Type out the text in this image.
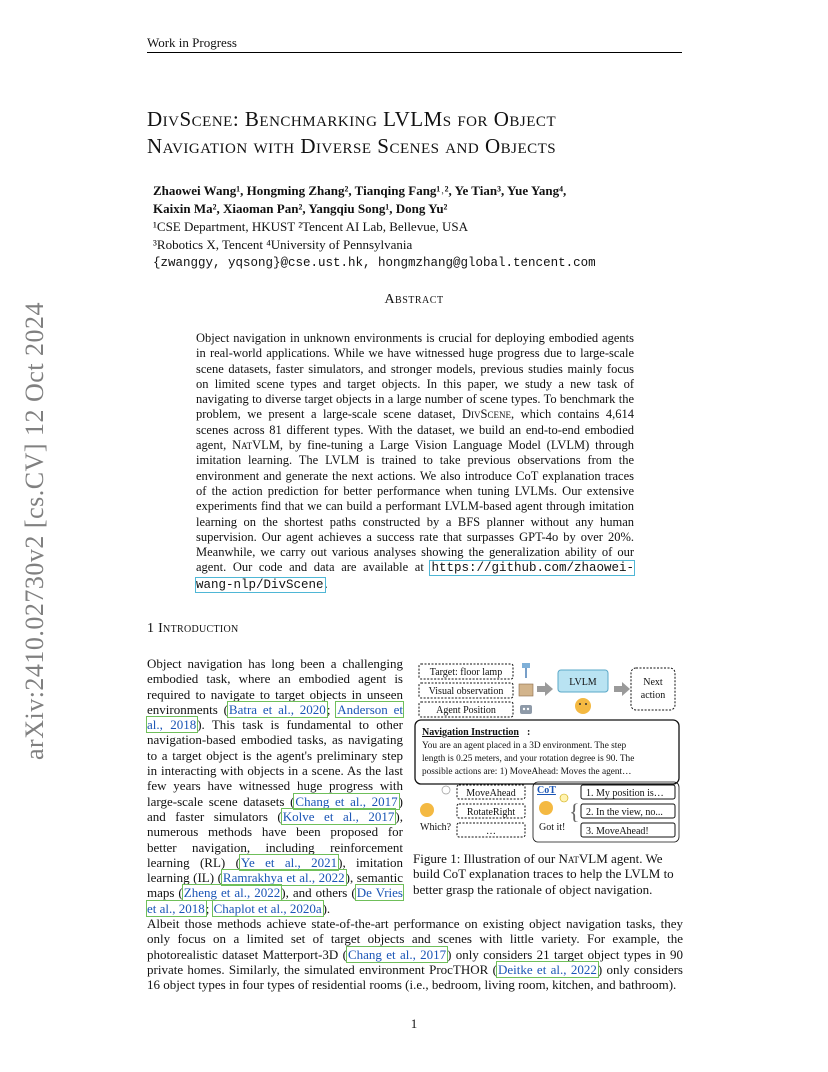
Work in Progress
arXiv:2410.02730v2 [cs.CV] 12 Oct 2024
DivScene: Benchmarking LVLMs for Object
Navigation with Diverse Scenes and Objects
Zhaowei Wang¹, Hongming Zhang², Tianqing Fang¹˒², Ye Tian³, Yue Yang⁴,
Kaixin Ma², Xiaoman Pan², Yangqiu Song¹, Dong Yu²
¹CSE Department, HKUST ²Tencent AI Lab, Bellevue, USA
³Robotics X, Tencent ⁴University of Pennsylvania
{zwanggy, yqsong}@cse.ust.hk, hongmzhang@global.tencent.com
Abstract
Object navigation in unknown environments is crucial for deploying embodied agents in real-world applications. While we have witnessed huge progress due to large-scale scene datasets, faster simulators, and stronger models, previous studies mainly focus on limited scene types and target objects. In this paper, we study a new task of navigating to diverse target objects in a large number of scene types. To benchmark the problem, we present a large-scale scene dataset, DivScene, which contains 4,614 scenes across 81 different types. With the dataset, we build an end-to-end embodied agent, NatVLM, by fine-tuning a Large Vision Language Model (LVLM) through imitation learning. The LVLM is trained to take previous observations from the environment and generate the next actions. We also introduce CoT explanation traces of the action prediction for better performance when tuning LVLMs. Our extensive experiments find that we can build a performant LVLM-based agent through imitation learning on the shortest paths constructed by a BFS planner without any human supervision. Our agent achieves a success rate that surpasses GPT-4o by over 20%. Meanwhile, we carry out various analyses showing the generalization ability of our agent. Our code and data are available at https://github.com/zhaowei-wang-nlp/DivScene.
1 Introduction
Object navigation has long been a challenging embodied task, where an embodied agent is required to navigate to target objects in unseen environments (Batra et al., 2020; Anderson et al., 2018). This task is fundamental to other navigation-based embodied tasks, as navigating to a target object is the agent's preliminary step in interacting with objects in a scene. As the last few years have witnessed huge progress with large-scale scene datasets (Chang et al., 2017) and faster simulators (Kolve et al., 2017), numerous methods have been proposed for better navigation, including reinforcement learning (RL) (Ye et al., 2021), imitation learning (IL) (Ramrakhya et al., 2022), semantic maps (Zheng et al., 2022), and others (De Vries et al., 2018; Chaplot et al., 2020a).
Target: floor lamp
Visual observation
Agent Position
LVLM	Next
action
Navigation Instruction :
You are an agent placed in a 3D environment. The step
length is 0.25 meters, and your rotation degree is 90. The
possible actions are: 1) MoveAhead: Moves the agent…
Which?
MoveAhead
RotateRight
…
CoT
Got it!
{
1. My position is…
2. In the view, no...
3. MoveAhead!
Figure 1: Illustration of our NatVLM agent. We build CoT explanation traces to help the LVLM to better grasp the rationale of object navigation.
Albeit those methods achieve state-of-the-art performance on existing object navigation tasks, they only focus on a limited set of target objects and scenes with little variety. For example, the photorealistic dataset Matterport-3D (Chang et al., 2017) only considers 21 target object types in 90 private homes. Similarly, the simulated environment ProcTHOR (Deitke et al., 2022) only considers 16 object types in four types of residential rooms (i.e., bedroom, living room, kitchen, and bathroom).
1
